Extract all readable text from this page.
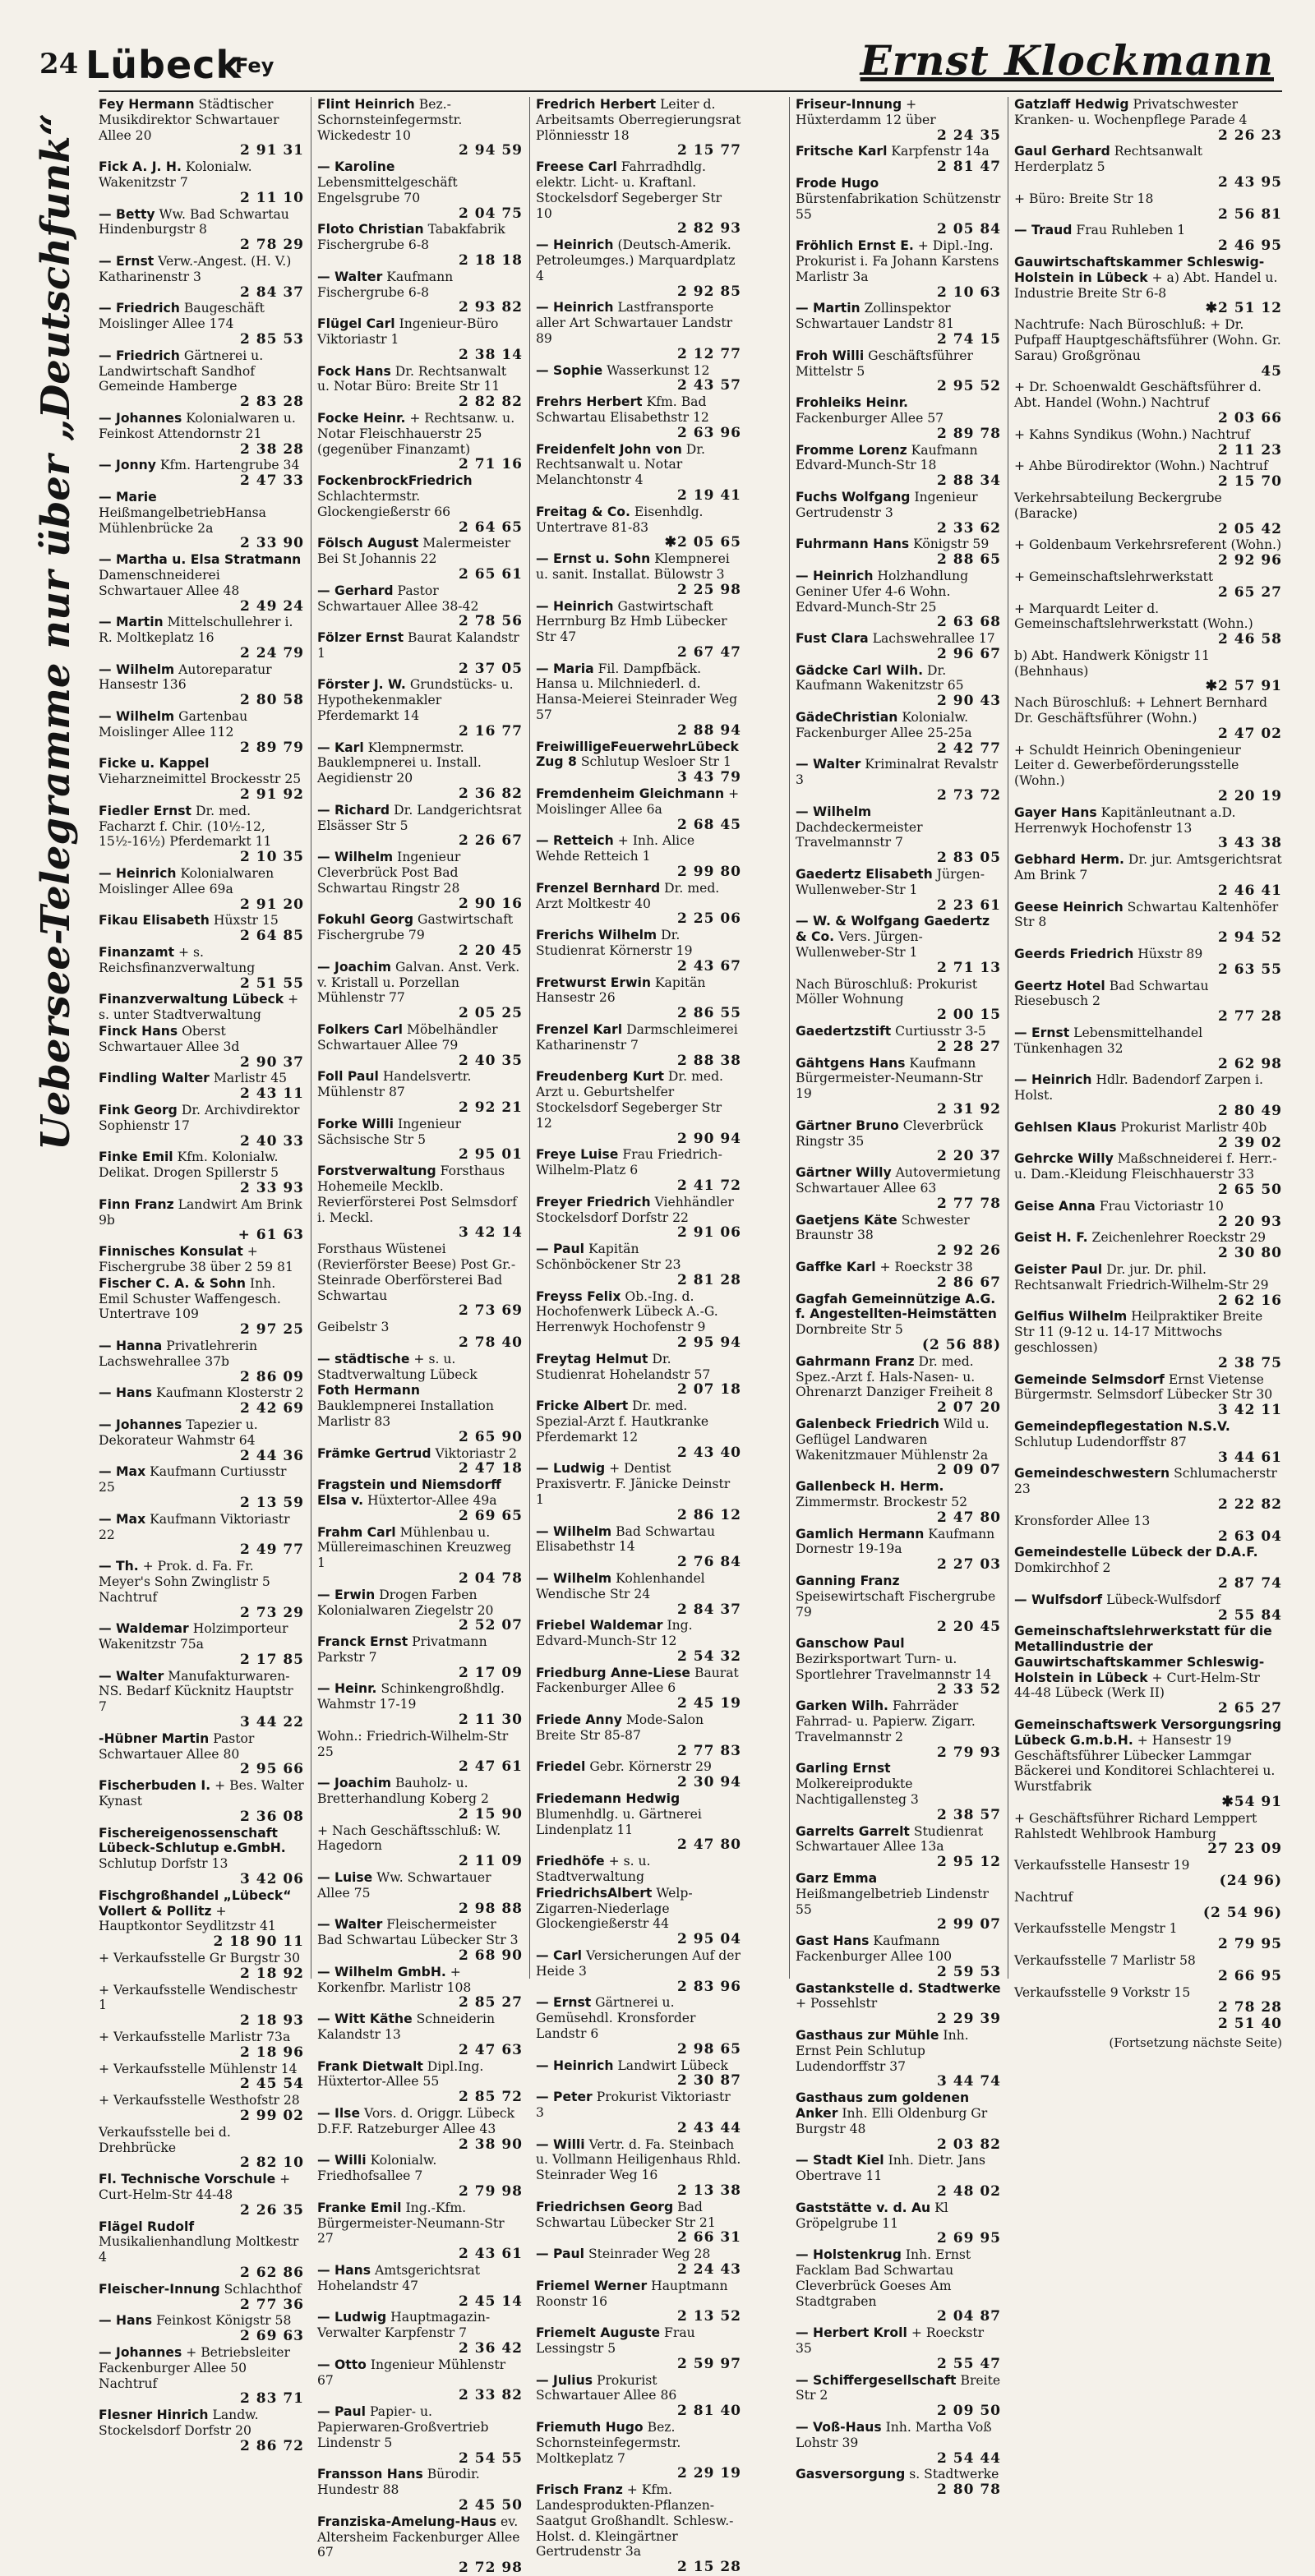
24 Lübeck
Fey	Ernst Klockmann
Uebersee-Telegramme nur über „Deutschfunk“
Fey Hermann Städtischer Musikdirektor Schwartauer Allee 20
2 91 31
Fick A. J. H. Kolonialw. Wakenitzstr 7
2 11 10
— Betty Ww. Bad Schwartau Hindenburgstr 8
2 78 29
— Ernst Verw.-Angest. (H. V.) Katharinenstr 3
2 84 37
— Friedrich Baugeschäft Moislinger Allee 174
2 85 53
— Friedrich Gärtnerei u. Landwirtschaft Sandhof Gemeinde Hamberge
2 83 28
— Johannes Kolonialwaren u. Feinkost Attendornstr 21
2 38 28
— Jonny Kfm. Hartengrube 34
2 47 33
— Marie HeißmangelbetriebHansa Mühlenbrücke 2a
2 33 90
— Martha u. Elsa Stratmann Damenschneiderei Schwartauer Allee 48
2 49 24
— Martin Mittelschullehrer i. R. Moltkeplatz 16
2 24 79
— Wilhelm Autoreparatur Hansestr 136
2 80 58
— Wilhelm Gartenbau Moislinger Allee 112
2 89 79
Ficke u. Kappel Vieharzneimittel Brockesstr 25
2 91 92
Fiedler Ernst Dr. med. Facharzt f. Chir. (10½-12, 15½-16½) Pferdemarkt 11
2 10 35
— Heinrich Kolonialwaren Moislinger Allee 69a
2 91 20
Fikau Elisabeth Hüxstr 15
2 64 85
Finanzamt + s. Reichsfinanzverwaltung
2 51 55
Finanzverwaltung Lübeck + s. unter Stadtverwaltung
Finck Hans Oberst Schwartauer Allee 3d
2 90 37
Findling Walter Marlistr 45
2 43 11
Fink Georg Dr. Archivdirektor Sophienstr 17
2 40 33
Finke Emil Kfm. Kolonialw. Delikat. Drogen Spillerstr 5
2 33 93
Finn Franz Landwirt Am Brink 9b
+ 61 63
Finnisches Konsulat + Fischergrube 38 über 2 59 81
Fischer C. A. & Sohn Inh. Emil Schuster Waffengesch. Untertrave 109
2 97 25
— Hanna Privatlehrerin Lachswehrallee 37b
2 86 09
— Hans Kaufmann Klosterstr 2
2 42 69
— Johannes Tapezier u. Dekorateur Wahmstr 64
2 44 36
— Max Kaufmann Curtiusstr 25
2 13 59
— Max Kaufmann Viktoriastr 22
2 49 77
— Th. + Prok. d. Fa. Fr. Meyer's Sohn Zwinglistr 5 Nachtruf
2 73 29
— Waldemar Holzimporteur Wakenitzstr 75a
2 17 85
— Walter Manufakturwaren-NS. Bedarf Kücknitz Hauptstr 7
3 44 22
-Hübner Martin Pastor Schwartauer Allee 80
2 95 66
Fischerbuden I. + Bes. Walter Kynast
2 36 08
Fischereigenossenschaft Lübeck-Schlutup e.GmbH. Schlutup Dorfstr 13
3 42 06
Fischgroßhandel „Lübeck“ Vollert & Pollitz + Hauptkontor Seydlitzstr 41
2 18 90 11
+ Verkaufsstelle Gr Burgstr 30
2 18 92
+ Verkaufsstelle Wendischestr 1
2 18 93
+ Verkaufsstelle Marlistr 73a
2 18 96
+ Verkaufsstelle Mühlenstr 14
2 45 54
+ Verkaufsstelle Westhofstr 28
2 99 02
Verkaufsstelle bei d. Drehbrücke
2 82 10
Fl. Technische Vorschule + Curt-Helm-Str 44-48
2 26 35
Flägel Rudolf Musikalienhandlung Moltkestr 4
2 62 86
Fleischer-Innung Schlachthof
2 77 36
— Hans Feinkost Königstr 58
2 69 63
— Johannes + Betriebsleiter Fackenburger Allee 50 Nachtruf
2 83 71
Flesner Hinrich Landw. Stockelsdorf Dorfstr 20
2 86 72
Flint Heinrich Bez.-Schornsteinfegermstr. Wickedestr 10
2 94 59
— Karoline Lebensmittelgeschäft Engelsgrube 70
2 04 75
Floto Christian Tabakfabrik Fischergrube 6-8
2 18 18
— Walter Kaufmann Fischergrube 6-8
2 93 82
Flügel Carl Ingenieur-Büro Viktoriastr 1
2 38 14
Fock Hans Dr. Rechtsanwalt u. Notar Büro: Breite Str 11
2 82 82
Focke Heinr. + Rechtsanw. u. Notar Fleischhauerstr 25 (gegenüber Finanzamt)
2 71 16
FockenbrockFriedrich Schlachtermstr. Glockengießerstr 66
2 64 65
Fölsch August Malermeister Bei St Johannis 22
2 65 61
— Gerhard Pastor Schwartauer Allee 38-42
2 78 56
Fölzer Ernst Baurat Kalandstr 1
2 37 05
Förster J. W. Grundstücks- u. Hypothekenmakler Pferdemarkt 14
2 16 77
— Karl Klempnermstr. Bauklempnerei u. Install. Aegidienstr 20
2 36 82
— Richard Dr. Landgerichtsrat Elsässer Str 5
2 26 67
— Wilhelm Ingenieur Cleverbrück Post Bad Schwartau Ringstr 28
2 90 16
Fokuhl Georg Gastwirtschaft Fischergrube 79
2 20 45
— Joachim Galvan. Anst. Verk. v. Kristall u. Porzellan Mühlenstr 77
2 05 25
Folkers Carl Möbelhändler Schwartauer Allee 79
2 40 35
Foll Paul Handelsvertr. Mühlenstr 87
2 92 21
Forke Willi Ingenieur Sächsische Str 5
2 95 01
Forstverwaltung Forsthaus Hohemeile Mecklb. Revierförsterei Post Selmsdorf i. Meckl.
3 42 14
Forsthaus Wüstenei (Revierförster Beese) Post Gr.-Steinrade Oberförsterei Bad Schwartau
2 73 69
Geibelstr 3
2 78 40
— städtische + s. u. Stadtverwaltung Lübeck
Foth Hermann Bauklempnerei Installation Marlistr 83
2 65 90
Främke Gertrud Viktoriastr 2
2 47 18
Fragstein und Niemsdorff Elsa v. Hüxtertor-Allee 49a
2 69 65
Frahm Carl Mühlenbau u. Müllereimaschinen Kreuzweg 1
2 04 78
— Erwin Drogen Farben Kolonialwaren Ziegelstr 20
2 52 07
Franck Ernst Privatmann Parkstr 7
2 17 09
— Heinr. Schinkengroßhdlg. Wahmstr 17-19
2 11 30
Wohn.: Friedrich-Wilhelm-Str 25
2 47 61
— Joachim Bauholz- u. Bretterhandlung Koberg 2
2 15 90
+ Nach Geschäftsschluß: W. Hagedorn
2 11 09
— Luise Ww. Schwartauer Allee 75
2 98 88
— Walter Fleischermeister Bad Schwartau Lübecker Str 3
2 68 90
— Wilhelm GmbH. + Korkenfbr. Marlistr 108
2 85 27
— Witt Käthe Schneiderin Kalandstr 13
2 47 63
Frank Dietwalt Dipl.Ing. Hüxtertor-Allee 55
2 85 72
— Ilse Vors. d. Origgr. Lübeck D.F.F. Ratzeburger Allee 43
2 38 90
— Willi Kolonialw. Friedhofsallee 7
2 79 98
Franke Emil Ing.-Kfm. Bürgermeister-Neumann-Str 27
2 43 61
— Hans Amtsgerichtsrat Hohelandstr 47
2 45 14
— Ludwig Hauptmagazin-Verwalter Karpfenstr 7
2 36 42
— Otto Ingenieur Mühlenstr 67
2 33 82
— Paul Papier- u. Papierwaren-Großvertrieb Lindenstr 5
2 54 55
Fransson Hans Bürodir. Hundestr 88
2 45 50
Franziska-Amelung-Haus ev. Altersheim Fackenburger Allee 67
2 72 98
Fredrich Herbert Leiter d. Arbeitsamts Oberregierungsrat Plönniesstr 18
2 15 77
Freese Carl Fahrradhdlg. elektr. Licht- u. Kraftanl. Stockelsdorf Segeberger Str 10
2 82 93
— Heinrich (Deutsch-Amerik. Petroleumges.) Marquardplatz 4
2 92 85
— Heinrich Lastfransporte aller Art Schwartauer Landstr 89
2 12 77
— Sophie Wasserkunst 12
2 43 57
Frehrs Herbert Kfm. Bad Schwartau Elisabethstr 12
2 63 96
Freidenfelt John von Dr. Rechtsanwalt u. Notar Melanchtonstr 4
2 19 41
Freitag & Co. Eisenhdlg. Untertrave 81-83
✱2 05 65
— Ernst u. Sohn Klempnerei u. sanit. Installat. Bülowstr 3
2 25 98
— Heinrich Gastwirtschaft Herrnburg Bz Hmb Lübecker Str 47
2 67 47
— Maria Fil. Dampfbäck. Hansa u. Milchniederl. d. Hansa-Meierei Steinrader Weg 57
2 88 94
FreiwilligeFeuerwehrLübeck Zug 8 Schlutup Wesloer Str 1
3 43 79
Fremdenheim Gleichmann + Moislinger Allee 6a
2 68 45
— Retteich + Inh. Alice Wehde Retteich 1
2 99 80
Frenzel Bernhard Dr. med. Arzt Moltkestr 40
2 25 06
Frerichs Wilhelm Dr. Studienrat Körnerstr 19
2 43 67
Fretwurst Erwin Kapitän Hansestr 26
2 86 55
Frenzel Karl Darmschleimerei Katharinenstr 7
2 88 38
Freudenberg Kurt Dr. med. Arzt u. Geburtshelfer Stockelsdorf Segeberger Str 12
2 90 94
Freye Luise Frau Friedrich-Wilhelm-Platz 6
2 41 72
Freyer Friedrich Viehhändler Stockelsdorf Dorfstr 22
2 91 06
— Paul Kapitän Schönböckener Str 23
2 81 28
Freyss Felix Ob.-Ing. d. Hochofenwerk Lübeck A.-G. Herrenwyk Hochofenstr 9
2 95 94
Freytag Helmut Dr. Studienrat Hohelandstr 57
2 07 18
Fricke Albert Dr. med. Spezial-Arzt f. Hautkranke Pferdemarkt 12
2 43 40
— Ludwig + Dentist Praxisvertr. F. Jänicke Deinstr 1
2 86 12
— Wilhelm Bad Schwartau Elisabethstr 14
2 76 84
— Wilhelm Kohlenhandel Wendische Str 24
2 84 37
Friebel Waldemar Ing. Edvard-Munch-Str 12
2 54 32
Friedburg Anne-Liese Baurat Fackenburger Allee 6
2 45 19
Friede Anny Mode-Salon Breite Str 85-87
2 77 83
Friedel Gebr. Körnerstr 29
2 30 94
Friedemann Hedwig Blumenhdlg. u. Gärtnerei Lindenplatz 11
2 47 80
Friedhöfe + s. u. Stadtverwaltung
FriedrichsAlbert Welp-Zigarren-Niederlage Glockengießerstr 44
2 95 04
— Carl Versicherungen Auf der Heide 3
2 83 96
— Ernst Gärtnerei u. Gemüsehdl. Kronsforder Landstr 6
2 98 65
— Heinrich Landwirt Lübeck
2 30 87
— Peter Prokurist Viktoriastr 3
2 43 44
— Willi Vertr. d. Fa. Steinbach u. Vollmann Heiligenhaus Rhld. Steinrader Weg 16
2 13 38
Friedrichsen Georg Bad Schwartau Lübecker Str 21
2 66 31
— Paul Steinrader Weg 28
2 24 43
Friemel Werner Hauptmann Roonstr 16
2 13 52
Friemelt Auguste Frau Lessingstr 5
2 59 97
— Julius Prokurist Schwartauer Allee 86
2 81 40
Friemuth Hugo Bez. Schornsteinfegermstr. Moltkeplatz 7
2 29 19
Frisch Franz + Kfm. Landesprodukten-Pflanzen-Saatgut Großhandlt. Schlesw.-Holst. d. Kleingärtner Gertrudenstr 3a
2 15 28
Friseur-Innung + Hüxterdamm 12 über
2 24 35
Fritsche Karl Karpfenstr 14a
2 81 47
Frode Hugo Bürstenfabrikation Schützenstr 55
2 05 84
Fröhlich Ernst E. + Dipl.-Ing. Prokurist i. Fa Johann Karstens Marlistr 3a
2 10 63
— Martin Zollinspektor Schwartauer Landstr 81
2 74 15
Froh Willi Geschäftsführer Mittelstr 5
2 95 52
Frohleiks Heinr. Fackenburger Allee 57
2 89 78
Fromme Lorenz Kaufmann Edvard-Munch-Str 18
2 88 34
Fuchs Wolfgang Ingenieur Gertrudenstr 3
2 33 62
Fuhrmann Hans Königstr 59
2 88 65
— Heinrich Holzhandlung Geniner Ufer 4-6 Wohn. Edvard-Munch-Str 25
2 63 68
Fust Clara Lachswehrallee 17
2 96 67
Gädcke Carl Wilh. Dr. Kaufmann Wakenitzstr 65
2 90 43
GädeChristian Kolonialw. Fackenburger Allee 25-25a
2 42 77
— Walter Kriminalrat Revalstr 3
2 73 72
— Wilhelm Dachdeckermeister Travelmannstr 7
2 83 05
Gaedertz Elisabeth Jürgen-Wullenweber-Str 1
2 23 61
— W. & Wolfgang Gaedertz & Co. Vers. Jürgen-Wullenweber-Str 1
2 71 13
Nach Büroschluß: Prokurist Möller Wohnung
2 00 15
Gaedertzstift Curtiusstr 3-5
2 28 27
Gähtgens Hans Kaufmann Bürgermeister-Neumann-Str 19
2 31 92
Gärtner Bruno Cleverbrück Ringstr 35
2 20 37
Gärtner Willy Autovermietung Schwartauer Allee 63
2 77 78
Gaetjens Käte Schwester Braunstr 38
2 92 26
Gaffke Karl + Roeckstr 38
2 86 67
Gagfah Gemeinnützige A.G. f. Angestellten-Heimstätten Dornbreite Str 5
(2 56 88)
Gahrmann Franz Dr. med. Spez.-Arzt f. Hals-Nasen- u. Ohrenarzt Danziger Freiheit 8
2 07 20
Galenbeck Friedrich Wild u. Geflügel Landwaren Wakenitzmauer Mühlenstr 2a
2 09 07
Gallenbeck H. Herm. Zimmermstr. Brockestr 52
2 47 80
Gamlich Hermann Kaufmann Dornestr 19-19a
2 27 03
Ganning Franz Speisewirtschaft Fischergrube 79
2 20 45
Ganschow Paul Bezirksportwart Turn- u. Sportlehrer Travelmannstr 14
2 33 52
Garken Wilh. Fahrräder Fahrrad- u. Papierw. Zigarr. Travelmannstr 2
2 79 93
Garling Ernst Molkereiprodukte Nachtigallensteg 3
2 38 57
Garrelts Garrelt Studienrat Schwartauer Allee 13a
2 95 12
Garz Emma Heißmangelbetrieb Lindenstr 55
2 99 07
Gast Hans Kaufmann Fackenburger Allee 100
2 59 53
Gastankstelle d. Stadtwerke + Possehlstr
2 29 39
Gasthaus zur Mühle Inh. Ernst Pein Schlutup Ludendorffstr 37
3 44 74
Gasthaus zum goldenen Anker Inh. Elli Oldenburg Gr Burgstr 48
2 03 82
— Stadt Kiel Inh. Dietr. Jans Obertrave 11
2 48 02
Gaststätte v. d. Au Kl Gröpelgrube 11
2 69 95
— Holstenkrug Inh. Ernst Facklam Bad Schwartau Cleverbrück Goeses Am Stadtgraben
2 04 87
— Herbert Kroll + Roeckstr 35
2 55 47
— Schiffergesellschaft Breite Str 2
2 09 50
— Voß-Haus Inh. Martha Voß Lohstr 39
2 54 44
Gasversorgung s. Stadtwerke
2 80 78
Gatzlaff Hedwig Privatschwester Kranken- u. Wochenpflege Parade 4
2 26 23
Gaul Gerhard Rechtsanwalt Herderplatz 5
2 43 95
+ Büro: Breite Str 18
2 56 81
— Traud Frau Ruhleben 1
2 46 95
Gauwirtschaftskammer Schleswig-Holstein in Lübeck + a) Abt. Handel u. Industrie Breite Str 6-8
✱2 51 12
Nachtrufe: Nach Büroschluß: + Dr. Pufpaff Hauptgeschäftsführer (Wohn. Gr. Sarau) Großgrönau
45
+ Dr. Schoenwaldt Geschäftsführer d. Abt. Handel (Wohn.) Nachtruf
2 03 66
+ Kahns Syndikus (Wohn.) Nachtruf
2 11 23
+ Ahbe Bürodirektor (Wohn.) Nachtruf
2 15 70
Verkehrsabteilung Beckergrube (Baracke)
2 05 42
+ Goldenbaum Verkehrsreferent (Wohn.)
2 92 96
+ Gemeinschaftslehrwerkstatt
2 65 27
+ Marquardt Leiter d. Gemeinschaftslehrwerkstatt (Wohn.)
2 46 58
b) Abt. Handwerk Königstr 11 (Behnhaus)
✱2 57 91
Nach Büroschluß: + Lehnert Bernhard Dr. Geschäftsführer (Wohn.)
2 47 02
+ Schuldt Heinrich Obeningenieur Leiter d. Gewerbeförderungsstelle (Wohn.)
2 20 19
Gayer Hans Kapitänleutnant a.D. Herrenwyk Hochofenstr 13
3 43 38
Gebhard Herm. Dr. jur. Amtsgerichtsrat Am Brink 7
2 46 41
Geese Heinrich Schwartau Kaltenhöfer Str 8
2 94 52
Geerds Friedrich Hüxstr 89
2 63 55
Geertz Hotel Bad Schwartau Riesebusch 2
2 77 28
— Ernst Lebensmittelhandel Tünkenhagen 32
2 62 98
— Heinrich Hdlr. Badendorf Zarpen i. Holst.
2 80 49
Gehlsen Klaus Prokurist Marlistr 40b
2 39 02
Gehrcke Willy Maßschneiderei f. Herr.- u. Dam.-Kleidung Fleischhauerstr 33
2 65 50
Geise Anna Frau Victoriastr 10
2 20 93
Geist H. F. Zeichenlehrer Roeckstr 29
2 30 80
Geister Paul Dr. jur. Dr. phil. Rechtsanwalt Friedrich-Wilhelm-Str 29
2 62 16
Gelfius Wilhelm Heilpraktiker Breite Str 11 (9-12 u. 14-17 Mittwochs geschlossen)
2 38 75
Gemeinde Selmsdorf Ernst Vietense Bürgermstr. Selmsdorf Lübecker Str 30
3 42 11
Gemeindepflegestation N.S.V. Schlutup Ludendorffstr 87
3 44 61
Gemeindeschwestern Schlumacherstr 23
2 22 82
Kronsforder Allee 13
2 63 04
Gemeindestelle Lübeck der D.A.F. Domkirchhof 2
2 87 74
— Wulfsdorf Lübeck-Wulfsdorf
2 55 84
Gemeinschaftslehrwerkstatt für die Metallindustrie der Gauwirtschaftskammer Schleswig-Holstein in Lübeck + Curt-Helm-Str 44-48 Lübeck (Werk II)
2 65 27
Gemeinschaftswerk Versorgungsring Lübeck G.m.b.H. + Hansestr 19 Geschäftsführer Lübecker Lammgar Bäckerei und Konditorei Schlachterei u. Wurstfabrik
✱54 91
+ Geschäftsführer Richard Lemppert Rahlstedt Wehlbrook Hamburg
27 23 09
Verkaufsstelle Hansestr 19
(24 96)
Nachtruf
(2 54 96)
Verkaufsstelle Mengstr 1
2 79 95
Verkaufsstelle 7 Marlistr 58
2 66 95
Verkaufsstelle 9 Vorkstr 15
2 78 28
2 51 40
(Fortsetzung nächste Seite)
